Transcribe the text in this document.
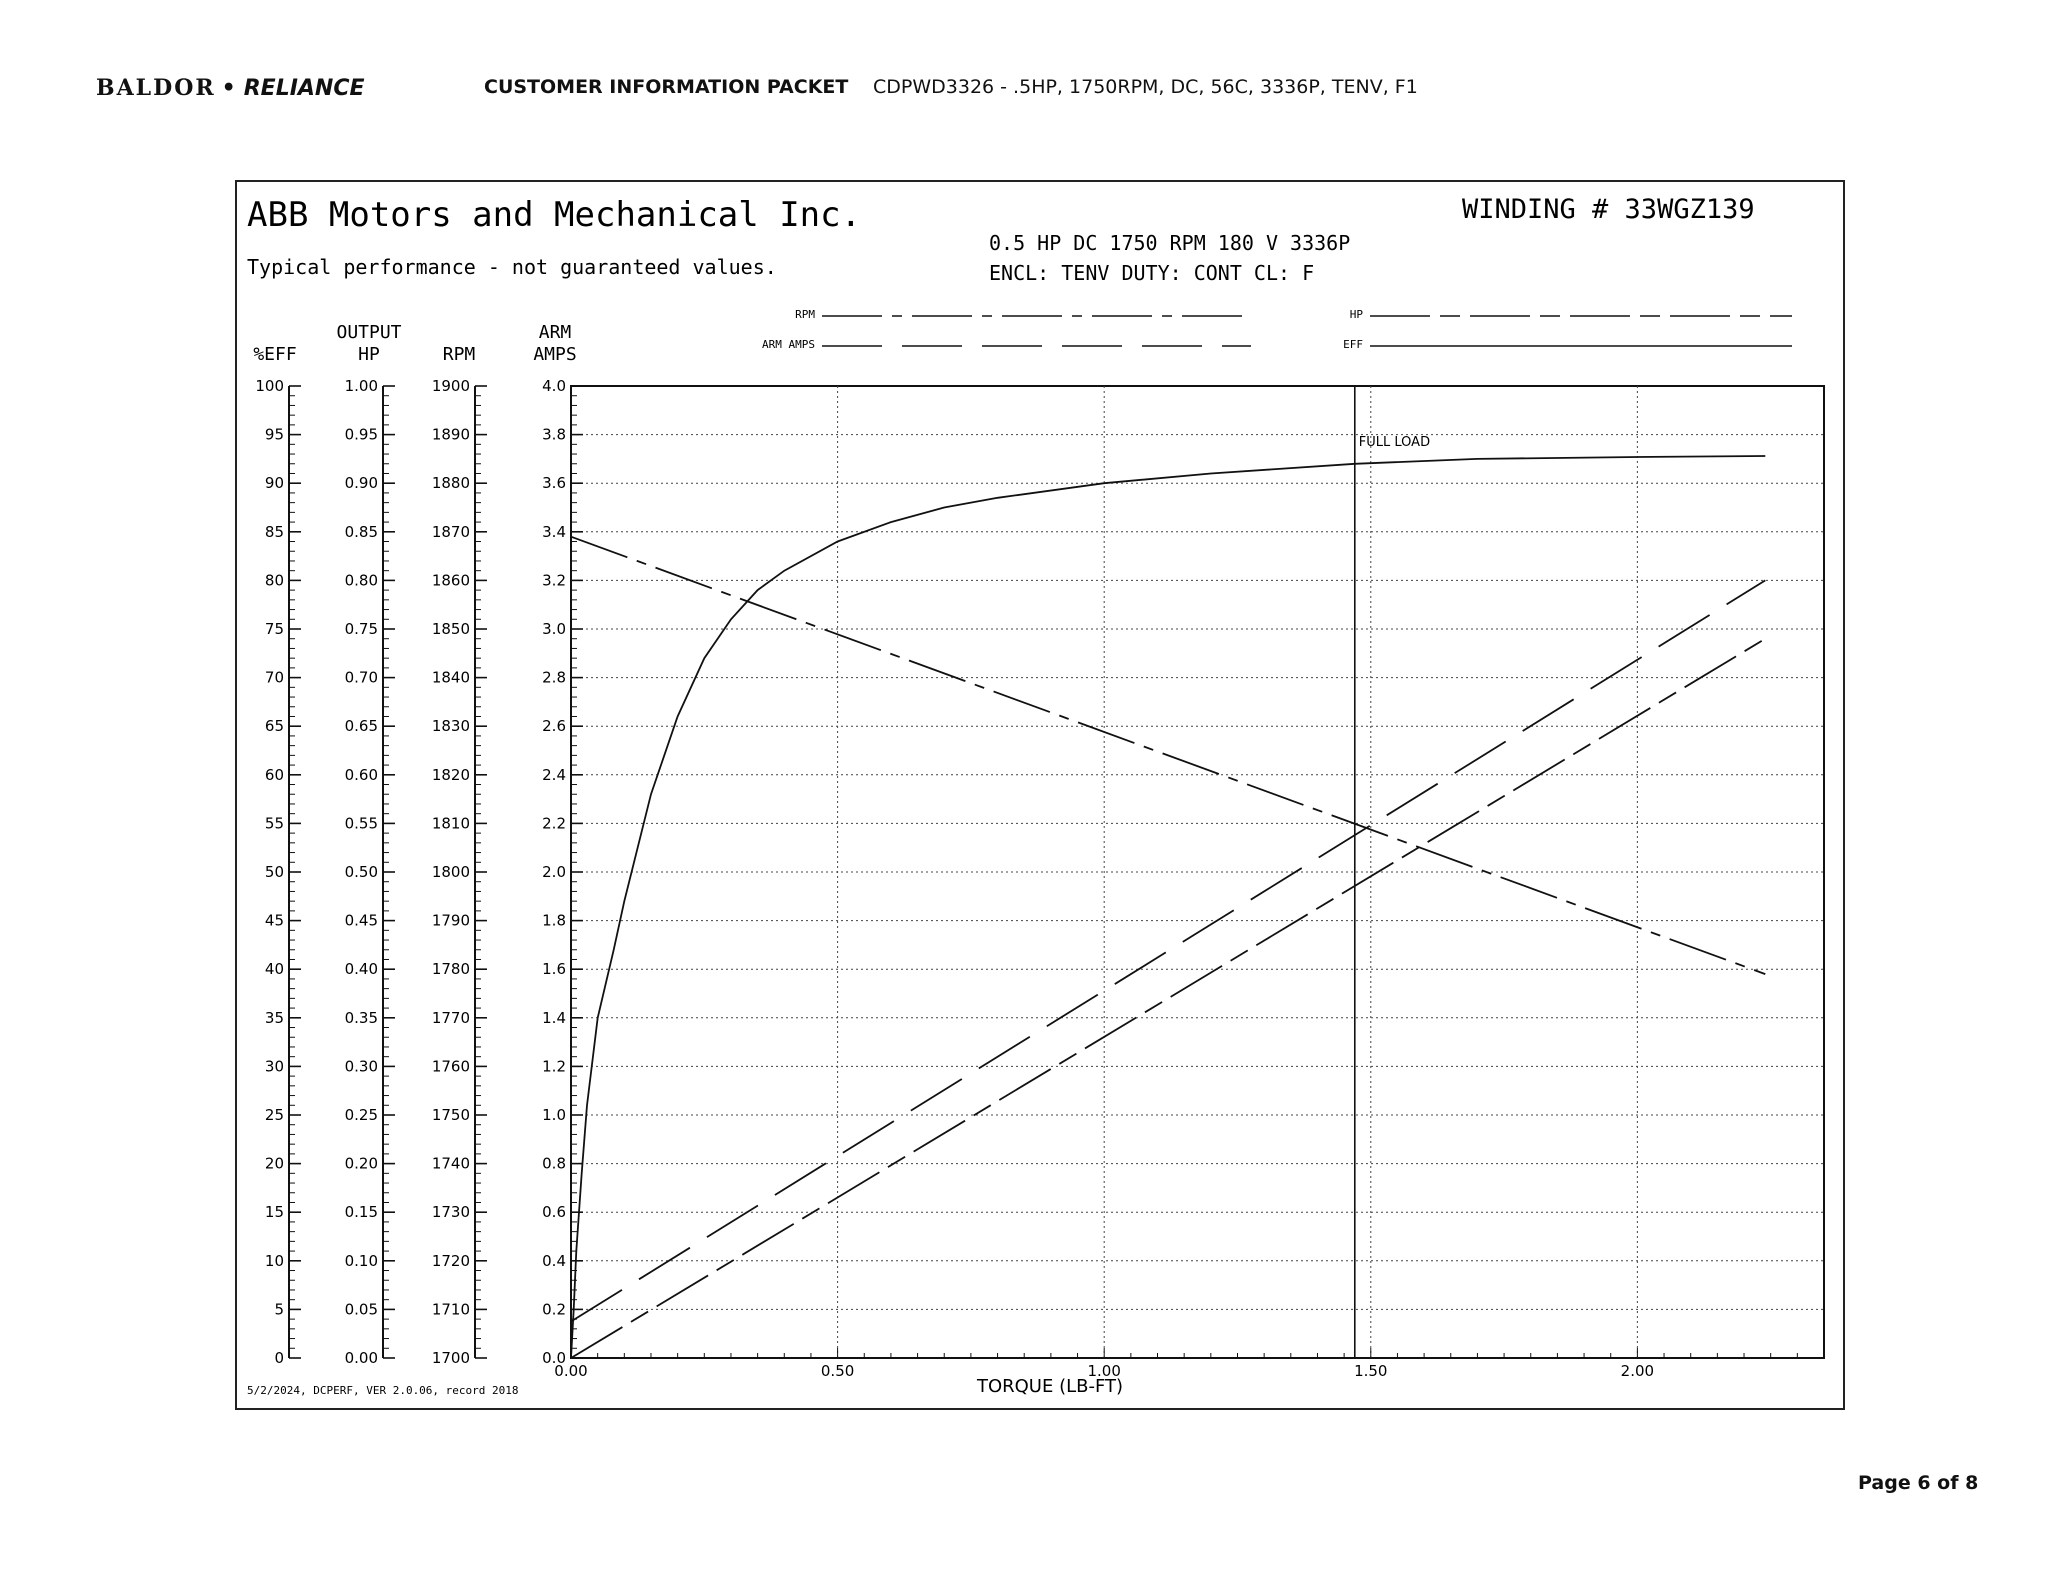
BALDOR • RELIANCE	CUSTOMER INFORMATION PACKET CDPWD3326 - .5HP, 1750RPM, DC, 56C, 3336P, TENV, F1
ABB Motors and Mechanical Inc.
Typical performance - not guaranteed values.
WINDING # 33WGZ139
0.5 HP DC 1750 RPM 180 V 3336P
ENCL: TENV DUTY: CONT CL: F
RPM
ARM AMPS
HP
EFF
%EFF
OUTPUT
HP	RPM
ARM
AMPS
0
5
10
15
20
25
30
35
40
45
50
55
60
65
70
75
80
85
90
95
100
0.00
0.05
0.10
0.15
0.20
0.25
0.30
0.35
0.40
0.45
0.50
0.55
0.60
0.65
0.70
0.75
0.80
0.85
0.90
0.95
1.00
1700
1710
1720
1730
1740
1750
1760
1770
1780
1790
1800
1810
1820
1830
1840
1850
1860
1870
1880
1890
1900
0.0
0.2
0.4
0.6
0.8
1.0
1.2
1.4
1.6
1.8
2.0
2.2
2.4
2.6
2.8
3.0
3.2
3.4
3.6
3.8
4.0
0.00	0.50	1.00	1.50	2.00
FULL LOAD
TORQUE (LB-FT)
5/2/2024, DCPERF, VER 2.0.06, record 2018
Page 6 of 8
